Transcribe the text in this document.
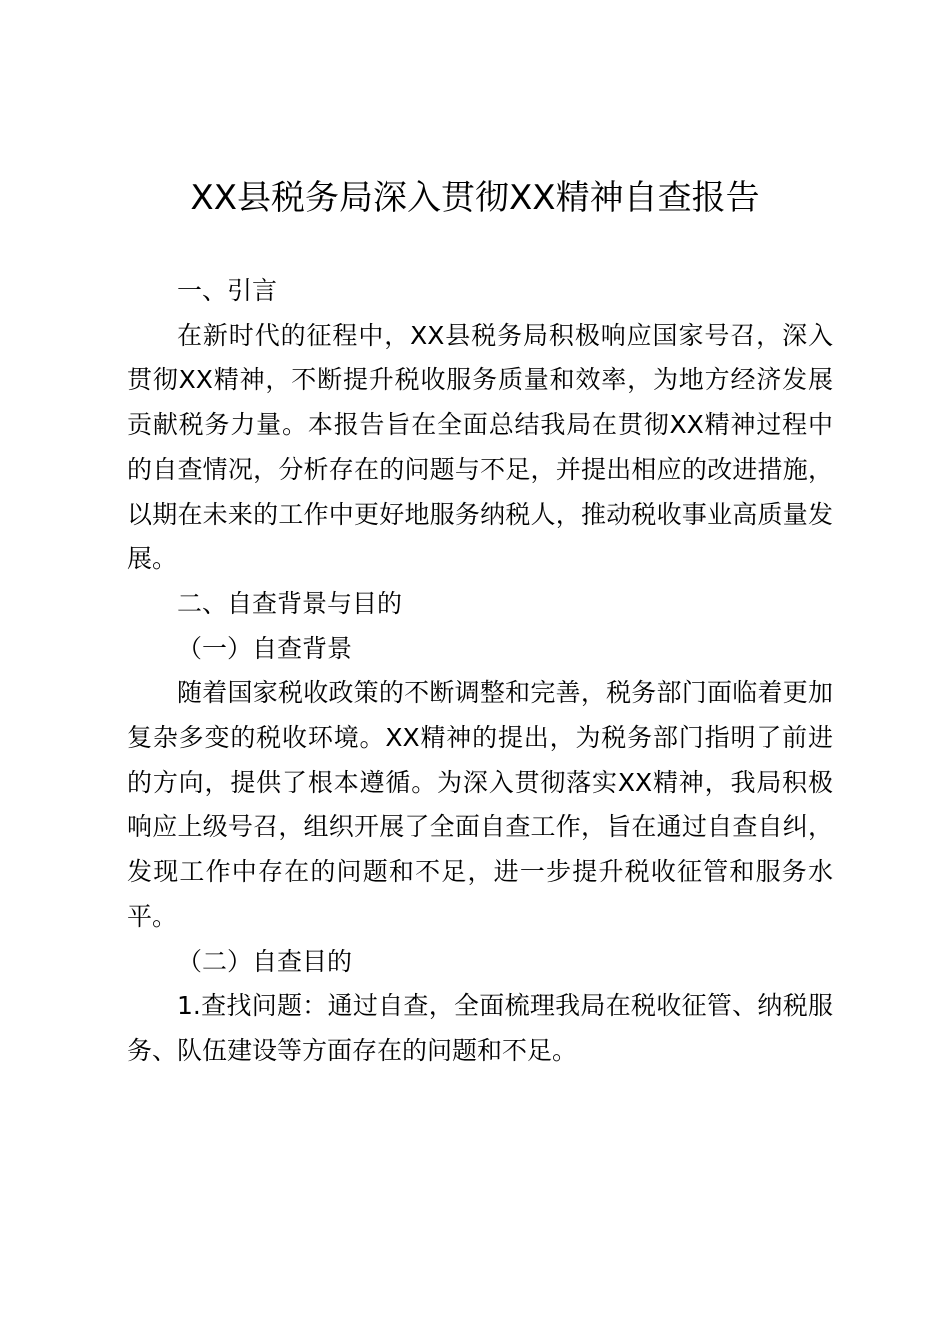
XX县税务局深入贯彻XX精神自查报告

一、引言

在新时代的征程中，XX县税务局积极响应国家号召，深入贯彻XX精神，不断提升税收服务质量和效率，为地方经济发展贡献税务力量。本报告旨在全面总结我局在贯彻XX精神过程中的自查情况，分析存在的问题与不足，并提出相应的改进措施，以期在未来的工作中更好地服务纳税人，推动税收事业高质量发展。

二、自查背景与目的

（一）自查背景

随着国家税收政策的不断调整和完善，税务部门面临着更加复杂多变的税收环境。XX精神的提出，为税务部门指明了前进的方向，提供了根本遵循。为深入贯彻落实XX精神，我局积极响应上级号召，组织开展了全面自查工作，旨在通过自查自纠，发现工作中存在的问题和不足，进一步提升税收征管和服务水平。

（二）自查目的

1.查找问题：通过自查，全面梳理我局在税收征管、纳税服务、队伍建设等方面存在的问题和不足。
